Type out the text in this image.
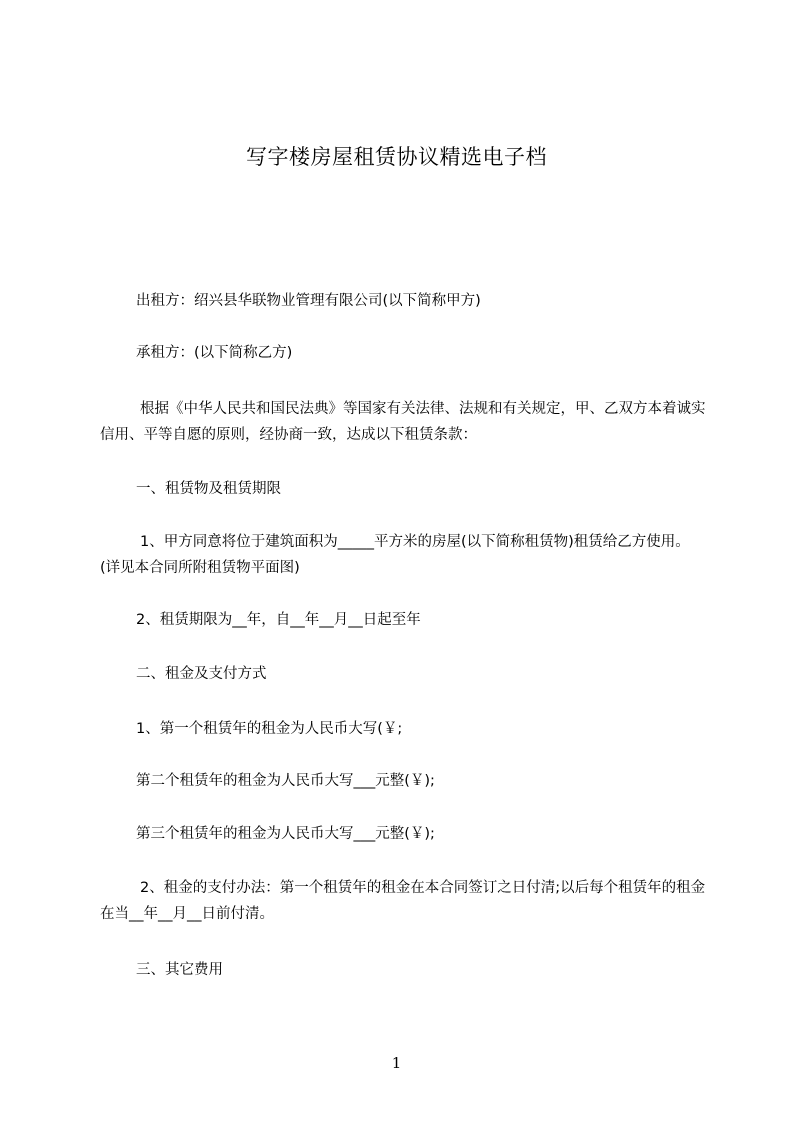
写字楼房屋租赁协议精选电子档
出租方：绍兴县华联物业管理有限公司(以下简称甲方)
承租方：(以下简称乙方)
根据《中华人民共和国民法典》等国家有关法律、法规和有关规定，甲、乙双方本着诚实信用、平等自愿的原则，经协商一致，达成以下租赁条款：
一、租赁物及租赁期限
1、甲方同意将位于建筑面积为_____平方米的房屋(以下简称租赁物)租赁给乙方使用。(详见本合同所附租赁物平面图)
2、租赁期限为__年，自__年__月__日起至年
二、租金及支付方式
1、第一个租赁年的租金为人民币大写(￥;
第二个租赁年的租金为人民币大写___元整(￥);
第三个租赁年的租金为人民币大写___元整(￥);
2、租金的支付办法：第一个租赁年的租金在本合同签订之日付清;以后每个租赁年的租金在当__年__月__日前付清。
三、其它费用
1
